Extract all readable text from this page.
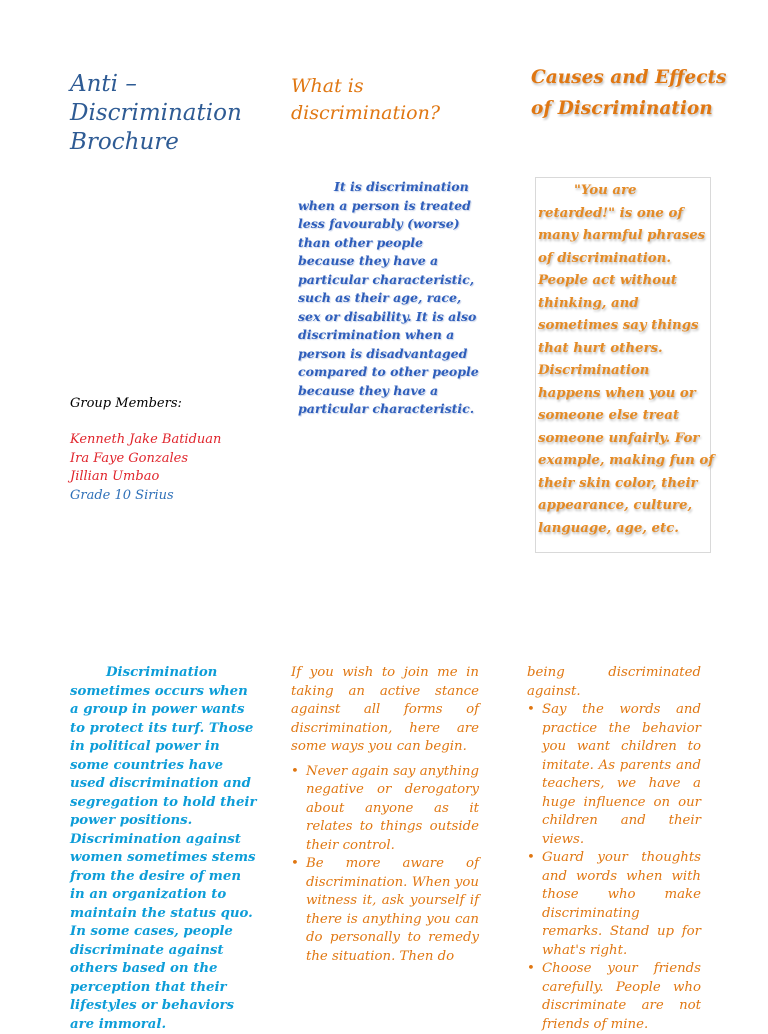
Anti – Discrimination Brochure
Group Members:
Kenneth Jake Batiduan
Ira Faye Gonzales
Jillian Umbao
Grade 10 Sirius
What is discrimination?
It is discrimination when a person is treated less favourably (worse) than other people because they have a particular characteristic, such as their age, race, sex or disability. It is also discrimination when a person is disadvantaged compared to other people because they have a particular characteristic.
Causes and Effects of Discrimination
"You are retarded!" is one of many harmful phrases of discrimination. People act without thinking, and sometimes say things that hurt others. Discrimination happens when you or someone else treat someone unfairly. For example, making fun of their skin color, their appearance, culture, language, age, etc.
Discrimination sometimes occurs when a group in power wants to protect its turf. Those in political power in some countries have used discrimination and segregation to hold their power positions. Discrimination against women sometimes stems from the desire of men in an organization to maintain the status quo. In some cases, people discriminate against others based on the perception that their lifestyles or behaviors are immoral.
If you wish to join me in taking an active stance against all forms of discrimination, here are some ways you can begin.
• Never again say anything negative or derogatory about anyone as it relates to things outside their control.
• Be more aware of discrimination. When you witness it, ask yourself if there is anything you can do personally to remedy the situation. Then do
being discriminated against.
• Say the words and practice the behavior you want children to imitate. As parents and teachers, we have a huge influence on our children and their views.
• Guard your thoughts and words when with those who make discriminating remarks. Stand up for what's right.
• Choose your friends carefully. People who discriminate are not friends of mine.
